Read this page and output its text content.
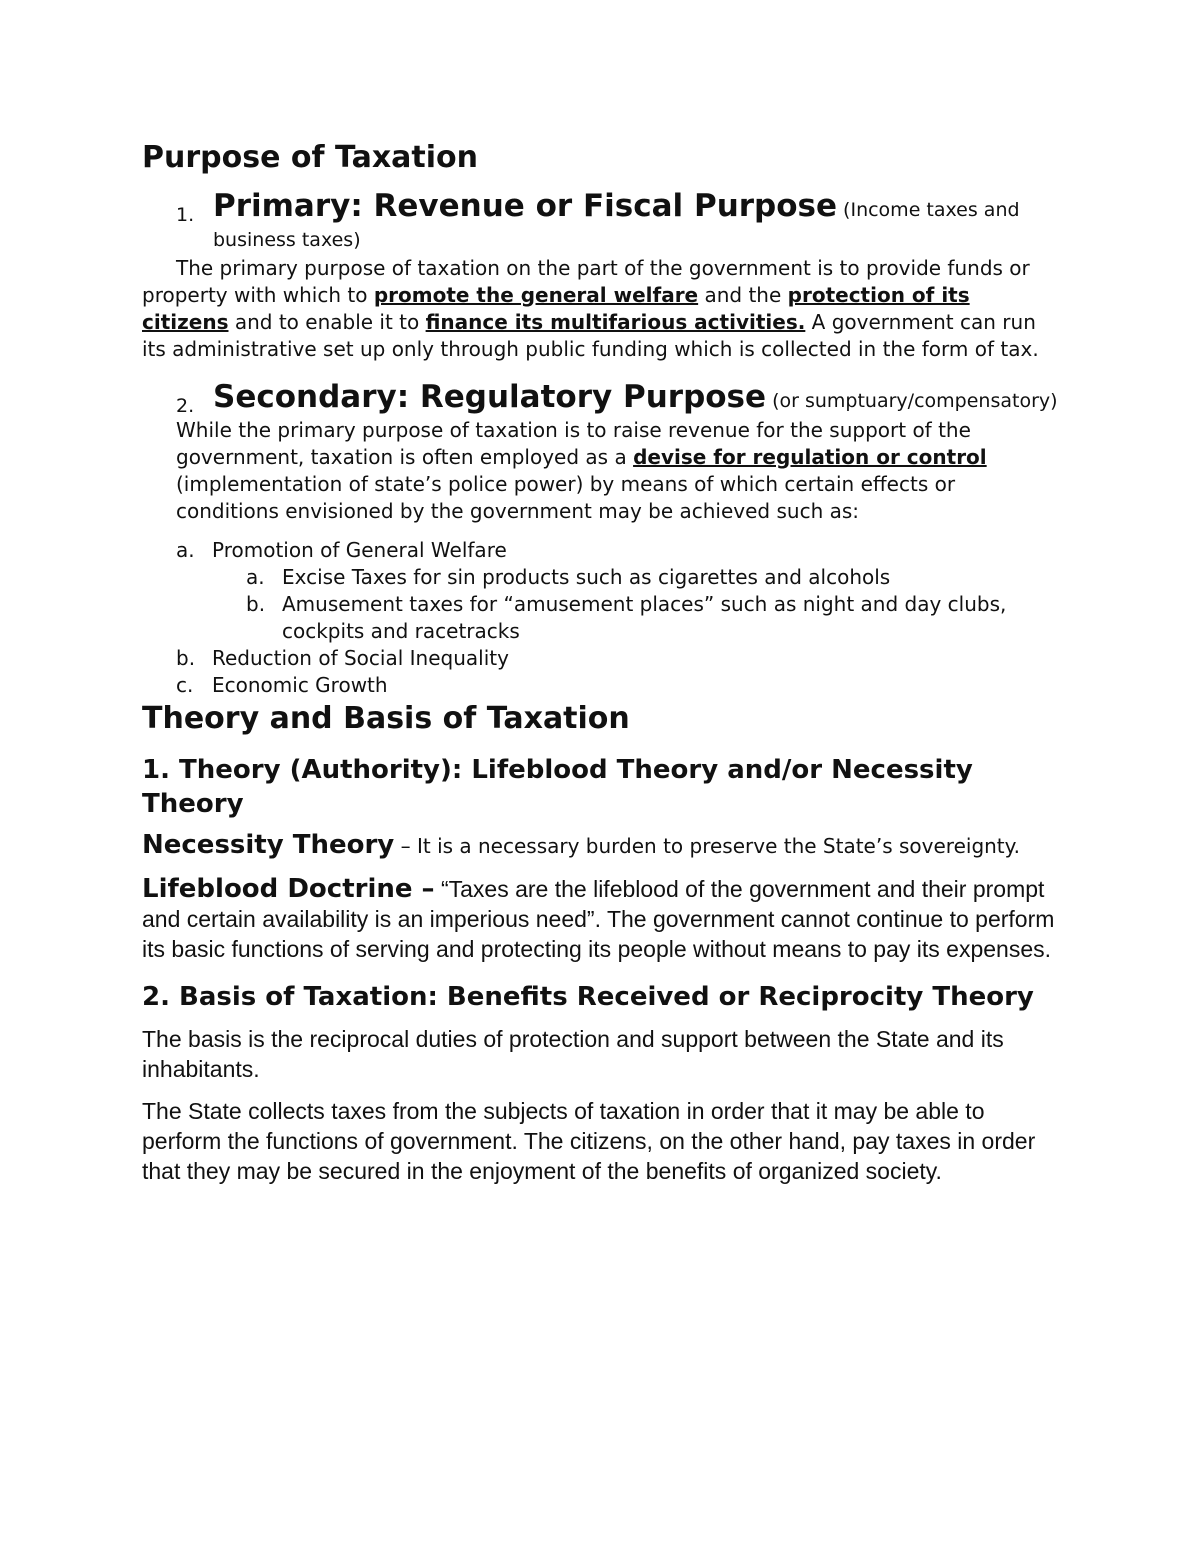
Purpose of Taxation
1. Primary: Revenue or Fiscal Purpose (Income taxes and business taxes)
The primary purpose of taxation on the part of the government is to provide funds or property with which to promote the general welfare and the protection of its citizens and to enable it to finance its multifarious activities. A government can run its administrative set up only through public funding which is collected in the form of tax.
2. Secondary: Regulatory Purpose (or sumptuary/compensatory)
While the primary purpose of taxation is to raise revenue for the support of the government, taxation is often employed as a devise for regulation or control (implementation of state’s police power) by means of which certain effects or conditions envisioned by the government may be achieved such as:
a. Promotion of General Welfare
a. Excise Taxes for sin products such as cigarettes and alcohols
b. Amusement taxes for “amusement places” such as night and day clubs, cockpits and racetracks
b. Reduction of Social Inequality
c. Economic Growth
Theory and Basis of Taxation
1. Theory (Authority): Lifeblood Theory and/or Necessity Theory
Necessity Theory – It is a necessary burden to preserve the State’s sovereignty.
Lifeblood Doctrine – “Taxes are the lifeblood of the government and their prompt and certain availability is an imperious need”. The government cannot continue to perform its basic functions of serving and protecting its people without means to pay its expenses.
2. Basis of Taxation: Benefits Received or Reciprocity Theory
The basis is the reciprocal duties of protection and support between the State and its inhabitants.
The State collects taxes from the subjects of taxation in order that it may be able to perform the functions of government. The citizens, on the other hand, pay taxes in order that they may be secured in the enjoyment of the benefits of organized society.
